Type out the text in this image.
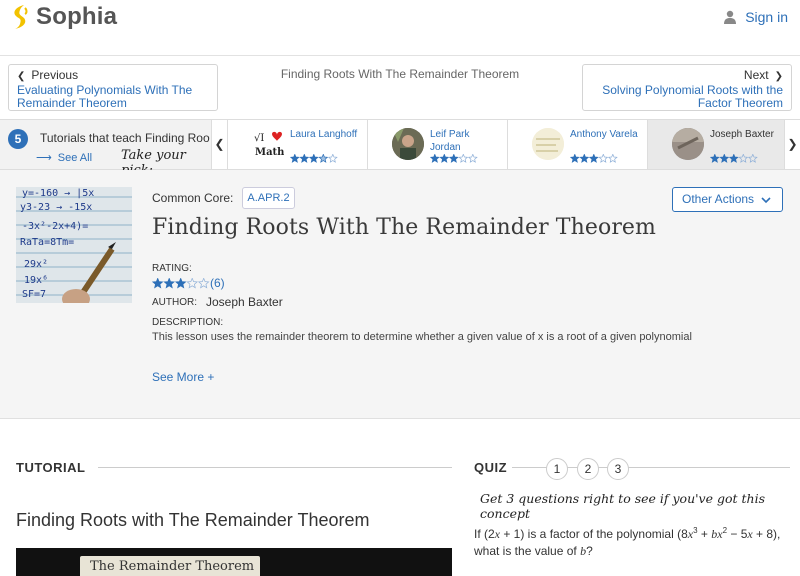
Sophia	Sign in
❮ Previous
Evaluating Polynomials With The
Remainder Theorem
Finding Roots With The Remainder Theorem	Next ❯
Solving Polynomial Roots with the
Factor Theorem
5	Tutorials that teach Finding Roo
⟶ See All Take your
❮	√I
Math
Laura Langhoff	Leif Park
Jordan
Anthony Varela	Joseph Baxter
❯
y=-160 → |5x
y3-23 → -15x
-3x²-2x+4)=
RaTa=8Tm=
29x²
19x⁶
SF=7
Common Core:	A.APR.2	Other Actions
Finding Roots With The Remainder Theorem
RATING:
(6)
AUTHOR: Joseph Baxter
DESCRIPTION:
This lesson uses the remainder theorem to determine whether a given value of x is a root of a given polynomial
See More +
TUTORIAL
Finding Roots with The Remainder Theorem
The Remainder Theorem
QUIZ	1	2	3
Get 3 questions right to see if you've got this concept
If (2x + 1) is a factor of the polynomial $(8x^3 + bx^2 - 5x + 8)$, what is the value of b?
